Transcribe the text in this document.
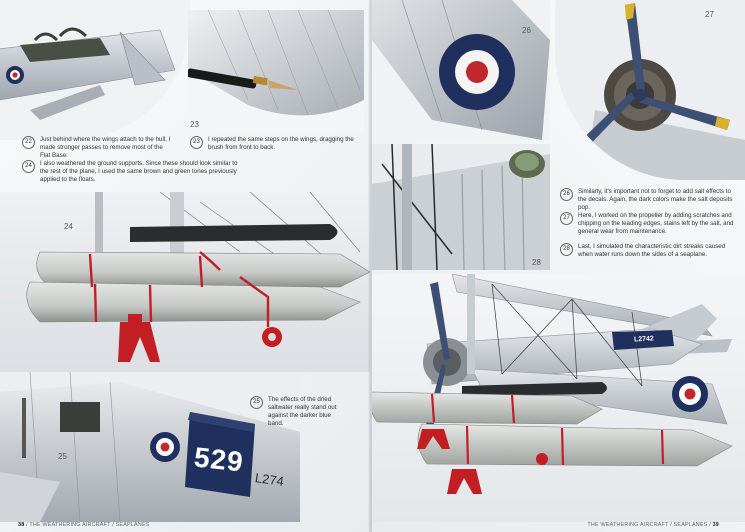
22
23
22	Just behind where the wings attach to the hull, I made stronger passes to remove most of the Flat Base.
23	I repeated the same steps on the wings, dragging the brush from front to back.
24	I also weathered the ground supports. Since these should look similar to the rest of the plane, I used the same brown and green tones previously applied to the floats.
24
25	529
L274
25	The effects of the dried saltwater really stand out against the darker blue band.
38 / THE WEATHERING AIRCRAFT / SEAPLANES
26
27
28
26	Similarly, it's important not to forget to add salt effects to the decals. Again, the dark colors make the salt deposits pop.
27	Here, I worked on the propeller by adding scratches and chipping on the leading edges, stains left by the salt, and general wear from maintenance.
28	Last, I simulated the characteristic dirt streaks caused when water runs down the sides of a seaplane.
L2742
THE WEATHERING AIRCRAFT / SEAPLANES / 39
